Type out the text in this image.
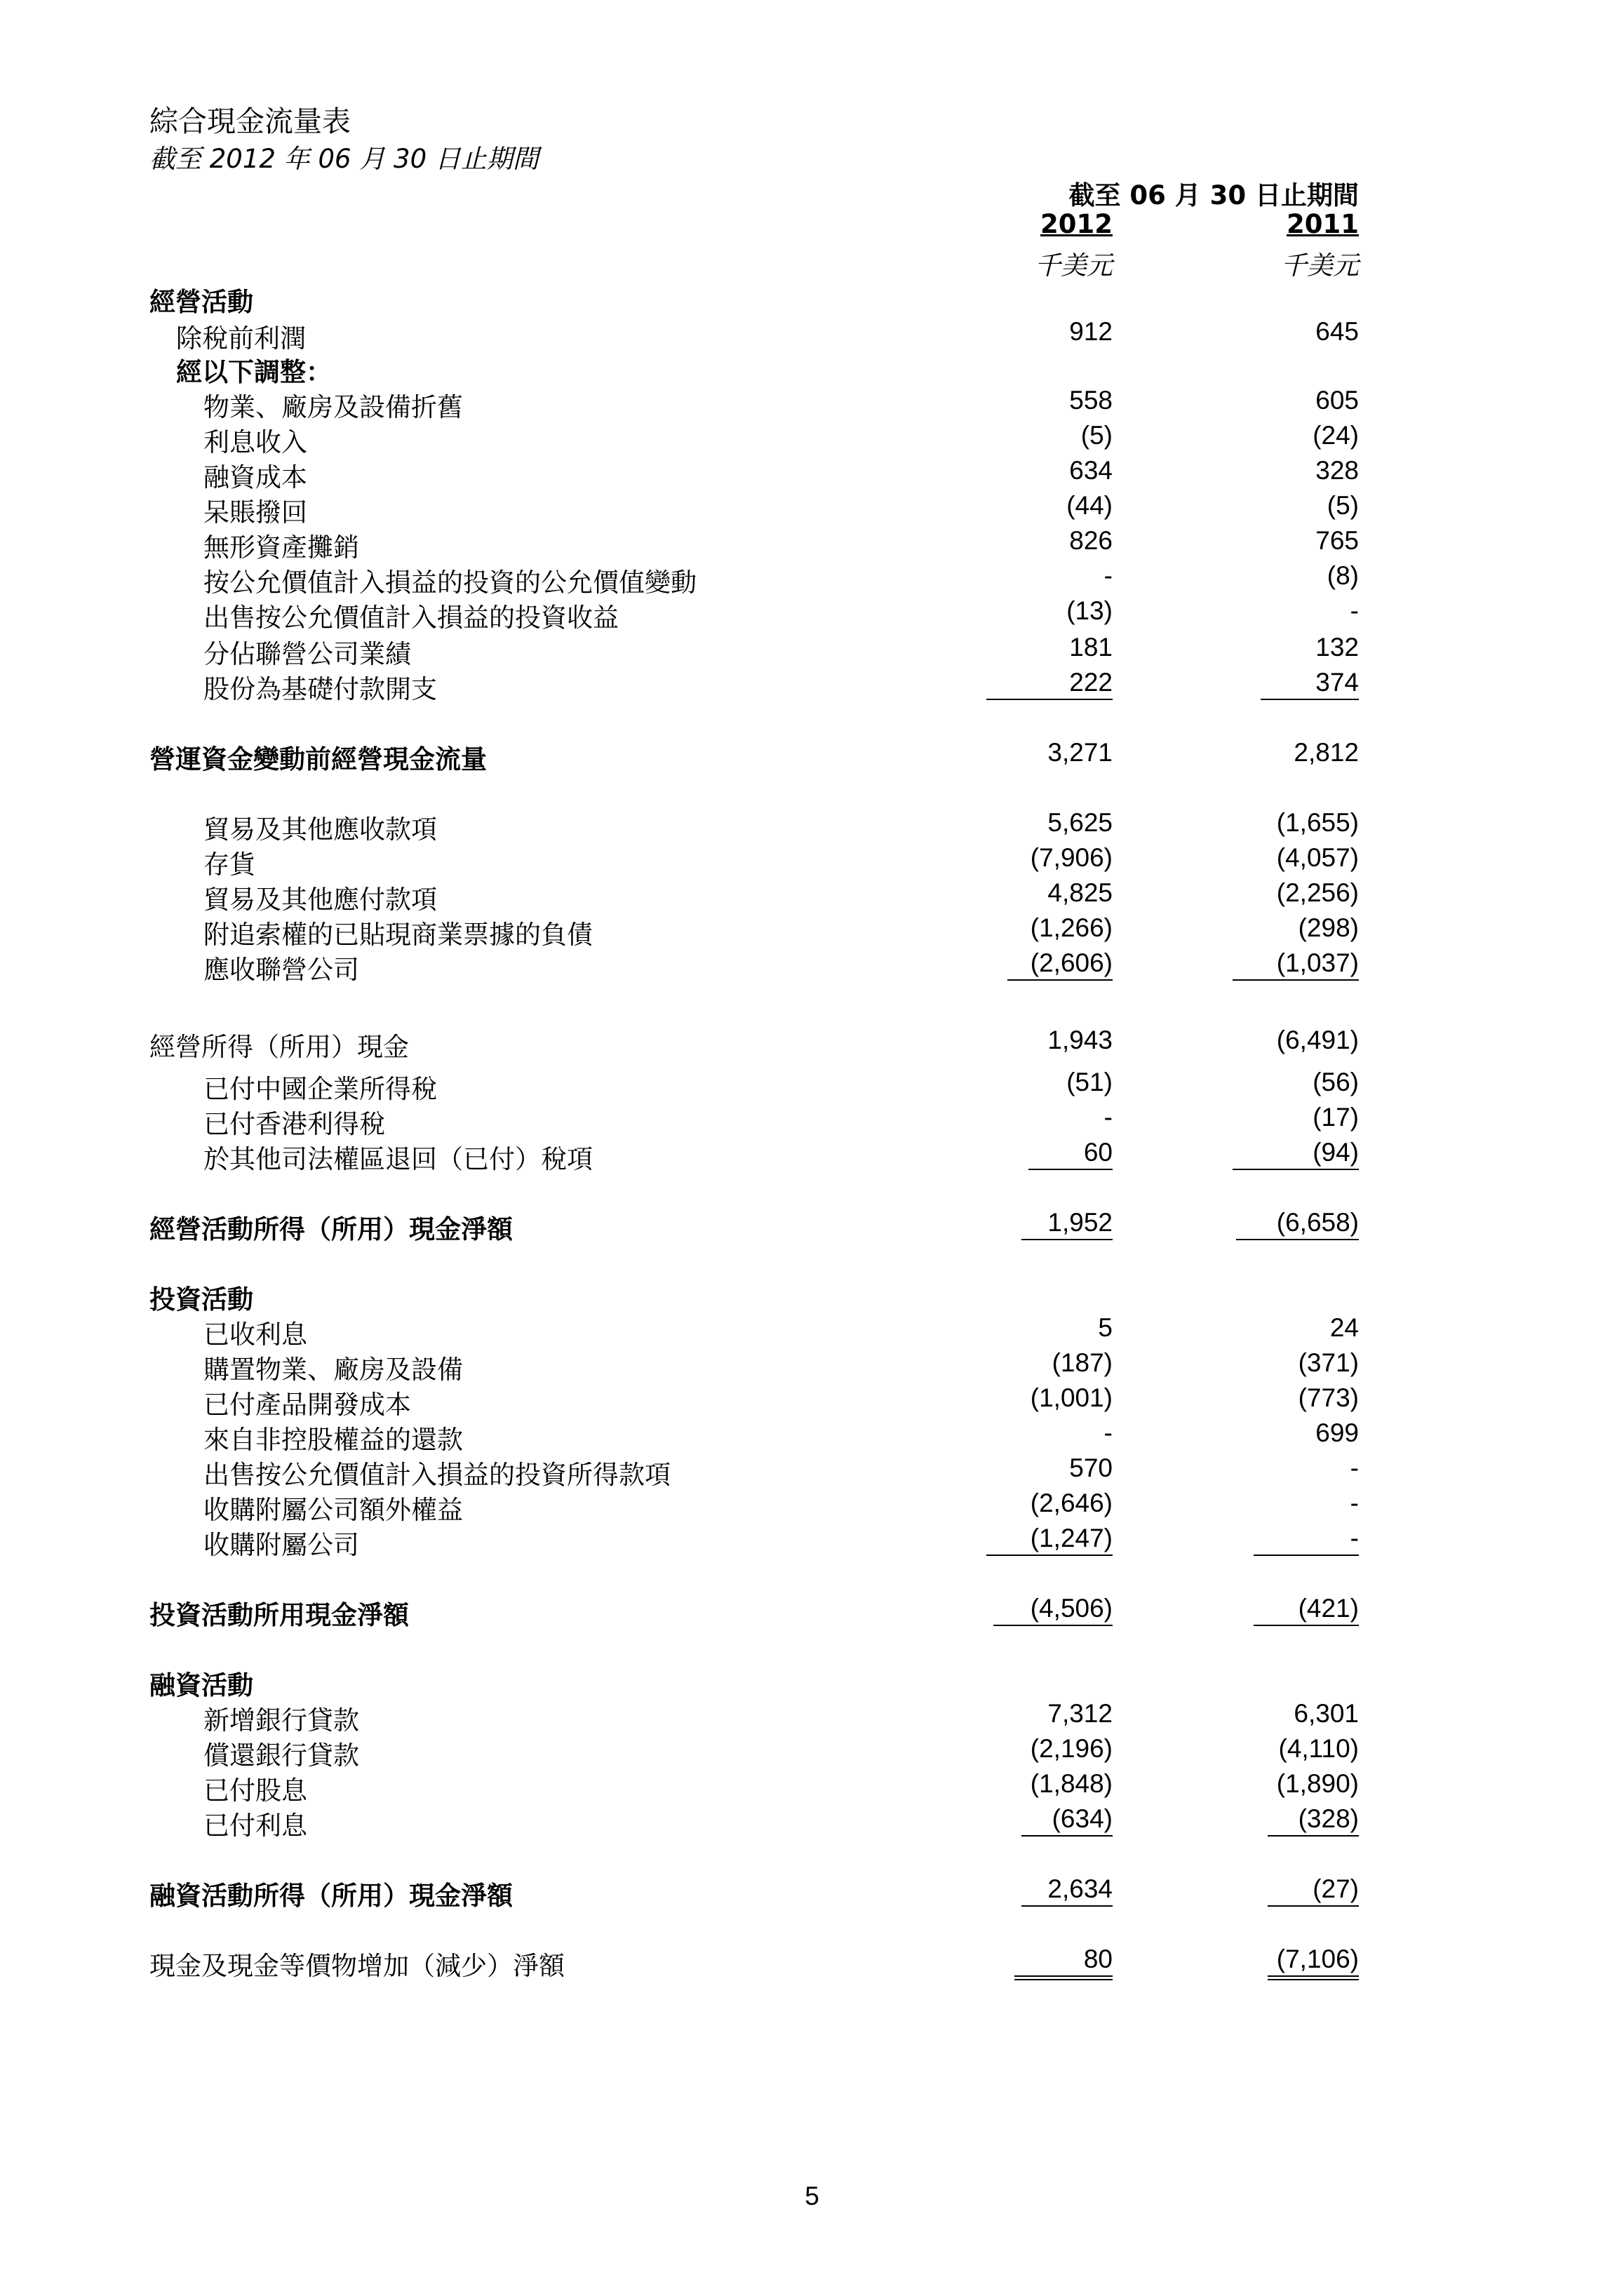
綜合現金流量表
截至 2012 年 06 月 30 日止期間
截至 06 月 30 日止期間
2012	2011
千美元	千美元
經營活動
除稅前利潤	912	645
經以下調整：
物業、廠房及設備折舊	558	605
利息收入	(5)	(24)
融資成本	634	328
呆賬撥回	(44)	(5)
無形資產攤銷	826	765
按公允價值計入損益的投資的公允價值變動	-	(8)
出售按公允價值計入損益的投資收益	(13)	-
分佔聯營公司業績	181	132
股份為基礎付款開支	222	374
營運資金變動前經營現金流量	3,271	2,812
貿易及其他應收款項	5,625	(1,655)
存貨	(7,906)	(4,057)
貿易及其他應付款項	4,825	(2,256)
附追索權的已貼現商業票據的負債	(1,266)	(298)
應收聯營公司	(2,606)	(1,037)
經營所得（所用）現金	1,943	(6,491)
已付中國企業所得稅	(51)	(56)
已付香港利得稅	-	(17)
於其他司法權區退回（已付）稅項	60	(94)
經營活動所得（所用）現金淨額	1,952	(6,658)
投資活動
已收利息	5	24
購置物業、廠房及設備	(187)	(371)
已付產品開發成本	(1,001)	(773)
來自非控股權益的還款	-	699
出售按公允價值計入損益的投資所得款項	570	-
收購附屬公司額外權益	(2,646)	-
收購附屬公司	(1,247)	-
投資活動所用現金淨額	(4,506)	(421)
融資活動
新增銀行貸款	7,312	6,301
償還銀行貸款	(2,196)	(4,110)
已付股息	(1,848)	(1,890)
已付利息	(634)	(328)
融資活動所得（所用）現金淨額	2,634	(27)
現金及現金等價物增加（減少）淨額	80	(7,106)
5
